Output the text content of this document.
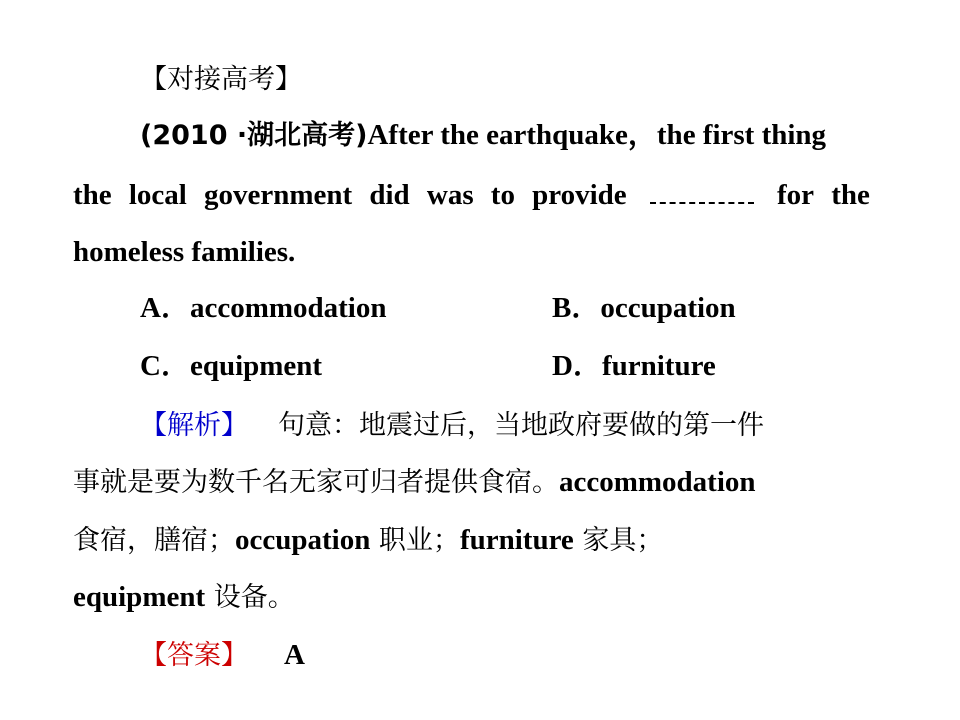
【对接高考】
(2010 ·湖北高考)After the earthquake，the first thing
the local government did was to provide	for the
homeless families.
A．accommodation	B．occupation
C．equipment	D．furniture
【解析】 句意：地震过后，当地政府要做的第一件
事就是要为数千名无家可归者提供食宿。accommodation
食宿，膳宿；occupation 职业；furniture 家具；
equipment 设备。
【答案】 A
